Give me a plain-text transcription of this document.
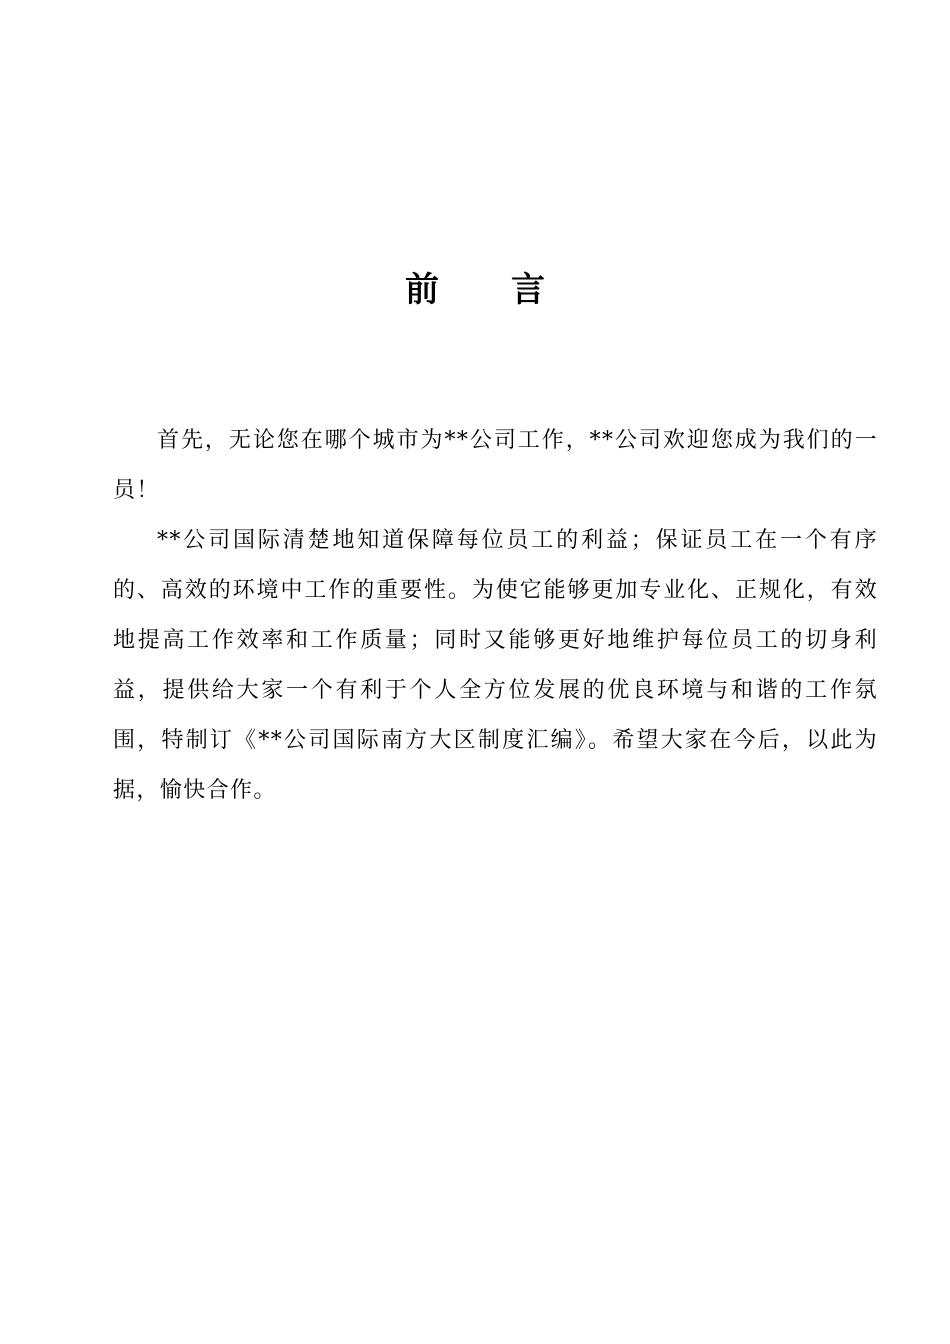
前 言

首先，无论您在哪个城市为**公司工作，**公司欢迎您成为我们的一员！

**公司国际清楚地知道保障每位员工的利益；保证员工在一个有序的、高效的环境中工作的重要性。为使它能够更加专业化、正规化，有效地提高工作效率和工作质量；同时又能够更好地维护每位员工的切身利益，提供给大家一个有利于个人全方位发展的优良环境与和谐的工作氛围，特制订《**公司国际南方大区制度汇编》。希望大家在今后，以此为据，愉快合作。
